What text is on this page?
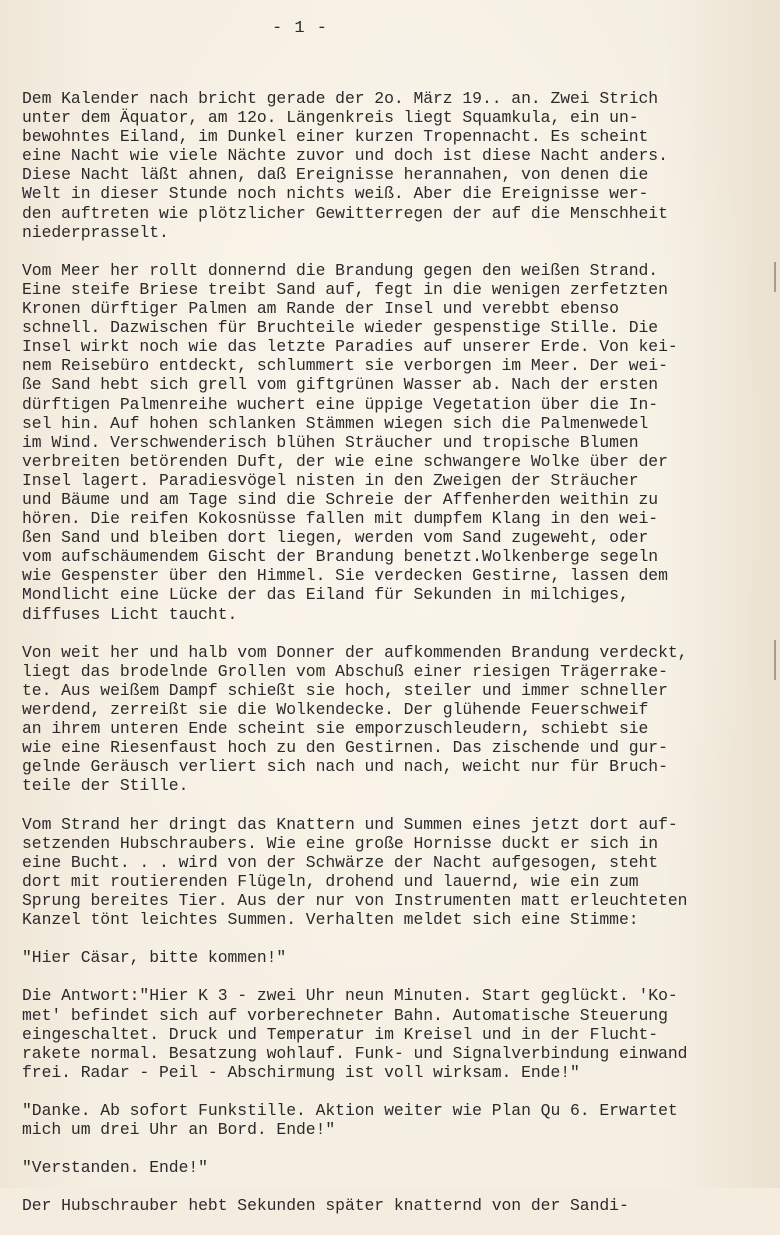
- 1 -
Dem Kalender nach bricht gerade der 2o. März 19.. an. Zwei Strich
unter dem Äquator, am 12o. Längenkreis liegt Squamkula, ein un-
bewohntes Eiland, im Dunkel einer kurzen Tropennacht. Es scheint
eine Nacht wie viele Nächte zuvor und doch ist diese Nacht anders.
Diese Nacht läßt ahnen, daß Ereignisse herannahen, von denen die
Welt in dieser Stunde noch nichts weiß. Aber die Ereignisse wer-
den auftreten wie plötzlicher Gewitterregen der auf die Menschheit
niederprasselt.
Vom Meer her rollt donnernd die Brandung gegen den weißen Strand.
Eine steife Briese treibt Sand auf, fegt in die wenigen zerfetzten
Kronen dürftiger Palmen am Rande der Insel und verebbt ebenso
schnell. Dazwischen für Bruchteile wieder gespenstige Stille. Die
Insel wirkt noch wie das letzte Paradies auf unserer Erde. Von kei-
nem Reisebüro entdeckt, schlummert sie verborgen im Meer. Der wei-
ße Sand hebt sich grell vom giftgrünen Wasser ab. Nach der ersten
dürftigen Palmenreihe wuchert eine üppige Vegetation über die In-
sel hin. Auf hohen schlanken Stämmen wiegen sich die Palmenwedel
im Wind. Verschwenderisch blühen Sträucher und tropische Blumen
verbreiten betörenden Duft, der wie eine schwangere Wolke über der
Insel lagert. Paradiesvögel nisten in den Zweigen der Sträucher
und Bäume und am Tage sind die Schreie der Affenherden weithin zu
hören. Die reifen Kokosnüsse fallen mit dumpfem Klang in den wei-
ßen Sand und bleiben dort liegen, werden vom Sand zugeweht, oder
vom aufschäumendem Gischt der Brandung benetzt.Wolkenberge segeln
wie Gespenster über den Himmel. Sie verdecken Gestirne, lassen dem
Mondlicht eine Lücke der das Eiland für Sekunden in milchiges,
diffuses Licht taucht.
Von weit her und halb vom Donner der aufkommenden Brandung verdeckt,
liegt das brodelnde Grollen vom Abschuß einer riesigen Trägerrake-
te. Aus weißem Dampf schießt sie hoch, steiler und immer schneller
werdend, zerreißt sie die Wolkendecke. Der glühende Feuerschweif
an ihrem unteren Ende scheint sie emporzuschleudern, schiebt sie
wie eine Riesenfaust hoch zu den Gestirnen. Das zischende und gur-
gelnde Geräusch verliert sich nach und nach, weicht nur für Bruch-
teile der Stille.
Vom Strand her dringt das Knattern und Summen eines jetzt dort auf-
setzenden Hubschraubers. Wie eine große Hornisse duckt er sich in
eine Bucht. . . wird von der Schwärze der Nacht aufgesogen, steht
dort mit routierenden Flügeln, drohend und lauernd, wie ein zum
Sprung bereites Tier. Aus der nur von Instrumenten matt erleuchteten
Kanzel tönt leichtes Summen. Verhalten meldet sich eine Stimme:
"Hier Cäsar, bitte kommen!"
Die Antwort:"Hier K 3 - zwei Uhr neun Minuten. Start geglückt. 'Ko-
met' befindet sich auf vorberechneter Bahn. Automatische Steuerung
eingeschaltet. Druck und Temperatur im Kreisel und in der Flucht-
rakete normal. Besatzung wohlauf. Funk- und Signalverbindung einwand
frei. Radar - Peil - Abschirmung ist voll wirksam. Ende!"
"Danke. Ab sofort Funkstille. Aktion weiter wie Plan Qu 6. Erwartet
mich um drei Uhr an Bord. Ende!"
"Verstanden. Ende!"
Der Hubschrauber hebt Sekunden später knatternd von der Sandi-
